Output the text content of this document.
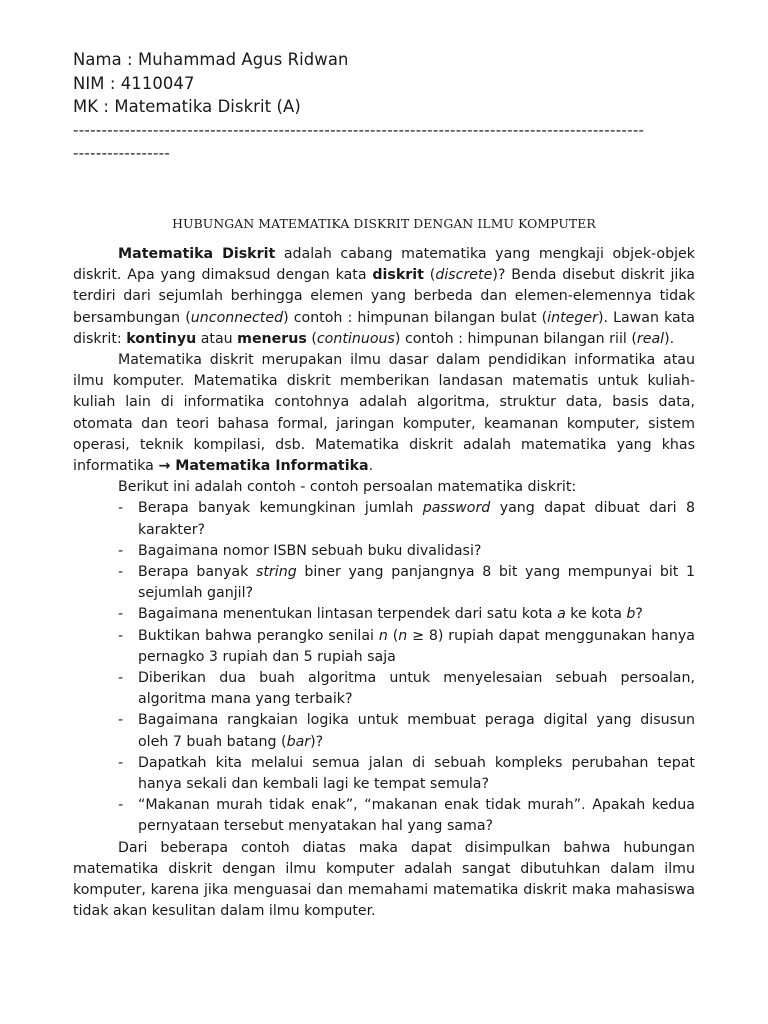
Nama : Muhammad Agus Ridwan
NIM : 4110047
MK : Matematika Diskrit (A)
----------------------------------------------------------------------------------------------------
-----------------
HUBUNGAN MATEMATIKA DISKRIT DENGAN ILMU KOMPUTER

Matematika Diskrit adalah cabang matematika yang mengkaji objek-objek diskrit. Apa yang dimaksud dengan kata diskrit (discrete)? Benda disebut diskrit jika terdiri dari sejumlah berhingga elemen yang berbeda dan elemen-elemennya tidak bersambungan (unconnected) contoh : himpunan bilangan bulat (integer). Lawan kata diskrit: kontinyu atau menerus (continuous) contoh : himpunan bilangan riil (real).

Matematika diskrit merupakan ilmu dasar dalam pendidikan informatika atau ilmu komputer. Matematika diskrit memberikan landasan matematis untuk kuliah-kuliah lain di informatika contohnya adalah algoritma, struktur data, basis data, otomata dan teori bahasa formal, jaringan komputer, keamanan komputer, sistem operasi, teknik kompilasi, dsb. Matematika diskrit adalah matematika yang khas informatika → Matematika Informatika.

Berikut ini adalah contoh - contoh persoalan matematika diskrit:

- Berapa banyak kemungkinan jumlah password yang dapat dibuat dari 8 karakter?
- Bagaimana nomor ISBN sebuah buku divalidasi?
- Berapa banyak string biner yang panjangnya 8 bit yang mempunyai bit 1 sejumlah ganjil?
- Bagaimana menentukan lintasan terpendek dari satu kota a ke kota b?
- Buktikan bahwa perangko senilai n (n ≥ 8) rupiah dapat menggunakan hanya pernagko 3 rupiah dan 5 rupiah saja
- Diberikan dua buah algoritma untuk menyelesaian sebuah persoalan, algoritma mana yang terbaik?
- Bagaimana rangkaian logika untuk membuat peraga digital yang disusun oleh 7 buah batang (bar)?
- Dapatkah kita melalui semua jalan di sebuah kompleks perubahan tepat hanya sekali dan kembali lagi ke tempat semula?
- “Makanan murah tidak enak”, “makanan enak tidak murah”. Apakah kedua pernyataan tersebut menyatakan hal yang sama?

Dari beberapa contoh diatas maka dapat disimpulkan bahwa hubungan matematika diskrit dengan ilmu komputer adalah sangat dibutuhkan dalam ilmu komputer, karena jika menguasai dan memahami matematika diskrit maka mahasiswa tidak akan kesulitan dalam ilmu komputer.
